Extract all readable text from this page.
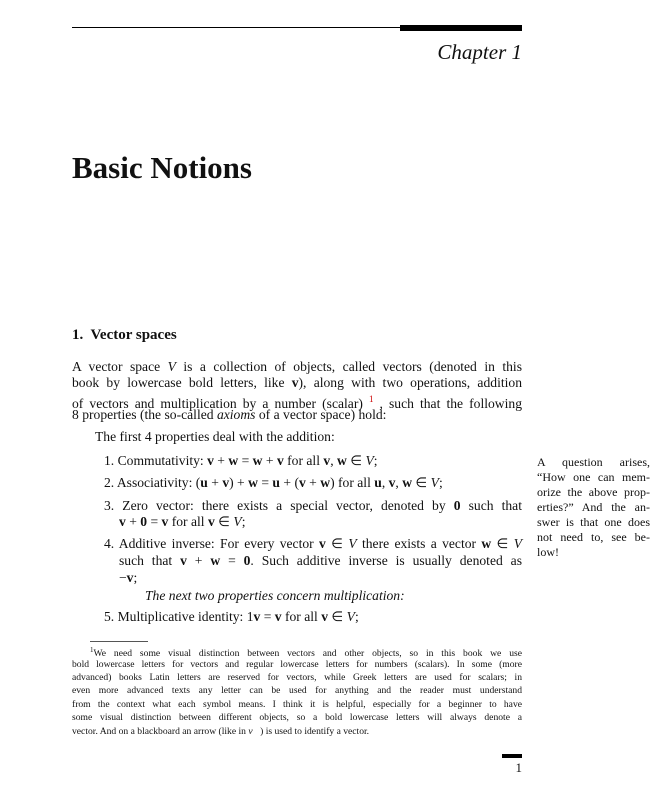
Chapter 1
Basic Notions
1.  Vector spaces
A vector space V is a collection of objects, called vectors (denoted in this
book by lowercase bold letters, like v), along with two operations, addition
of vectors and multiplication by a number (scalar) $^1$ , such that the following
8 properties (the so-called axioms of a vector space) hold:
The first 4 properties deal with the addition:
1. Commutativity: v + w = w + v for all v, w ∈ V;
2. Associativity: (u + v) + w = u + (v + w) for all u, v, w ∈ V;
3. Zero vector: there exists a special vector, denoted by 0 such that
v + 0 = v for all v ∈ V;
4. Additive inverse: For every vector v ∈ V there exists a vector w ∈ V
such that v + w = 0. Such additive inverse is usually denoted as
−v;
The next two properties concern multiplication:
5. Multiplicative identity: 1v = v for all v ∈ V;
A question arises,
“How one can mem-
orize the above prop-
erties?” And the an-
swer is that one does
not need to, see be-
low!
$^1$We need some visual distinction between vectors and other objects, so in this book we use
bold lowercase letters for vectors and regular lowercase letters for numbers (scalars). In some (more
advanced) books Latin letters are reserved for vectors, while Greek letters are used for scalars; in
even more advanced texts any letter can be used for anything and the reader must understand
from the context what each symbol means. I think it is helpful, especially for a beginner to have
some visual distinction between different objects, so a bold lowercase letters will always denote a
vector. And on a blackboard an arrow (like in v⃗) is used to identify a vector.
1
